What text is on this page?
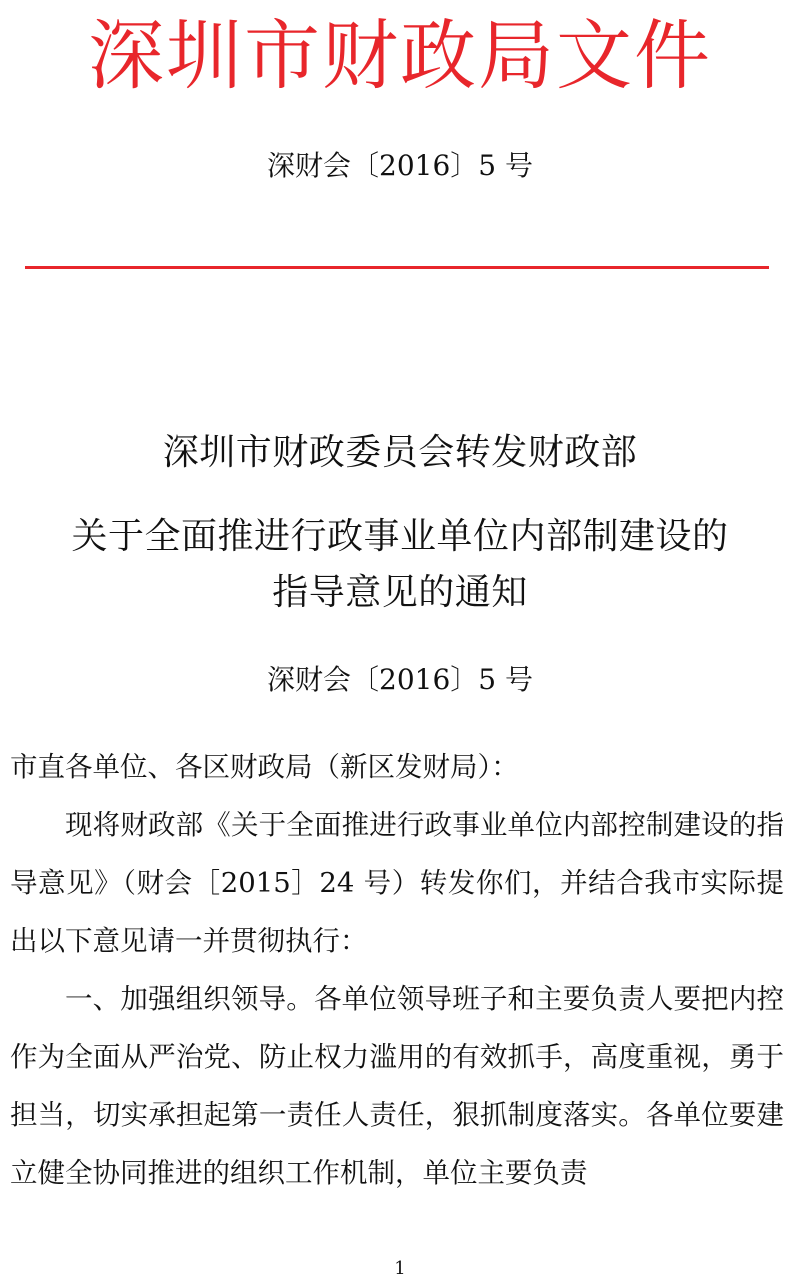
深圳市财政局文件
深财会〔2016〕5 号
深圳市财政委员会转发财政部
关于全面推进行政事业单位内部制建设的
指导意见的通知
深财会〔2016〕5 号

市直各单位、各区财政局（新区发财局）：

现将财政部《关于全面推进行政事业单位内部控制建设的指导意见》（财会［2015］24 号）转发你们，并结合我市实际提出以下意见请一并贯彻执行：

一、加强组织领导。各单位领导班子和主要负责人要把内控作为全面从严治党、防止权力滥用的有效抓手，高度重视，勇于担当，切实承担起第一责任人责任，狠抓制度落实。各单位要建立健全协同推进的组织工作机制，单位主要负责

1
